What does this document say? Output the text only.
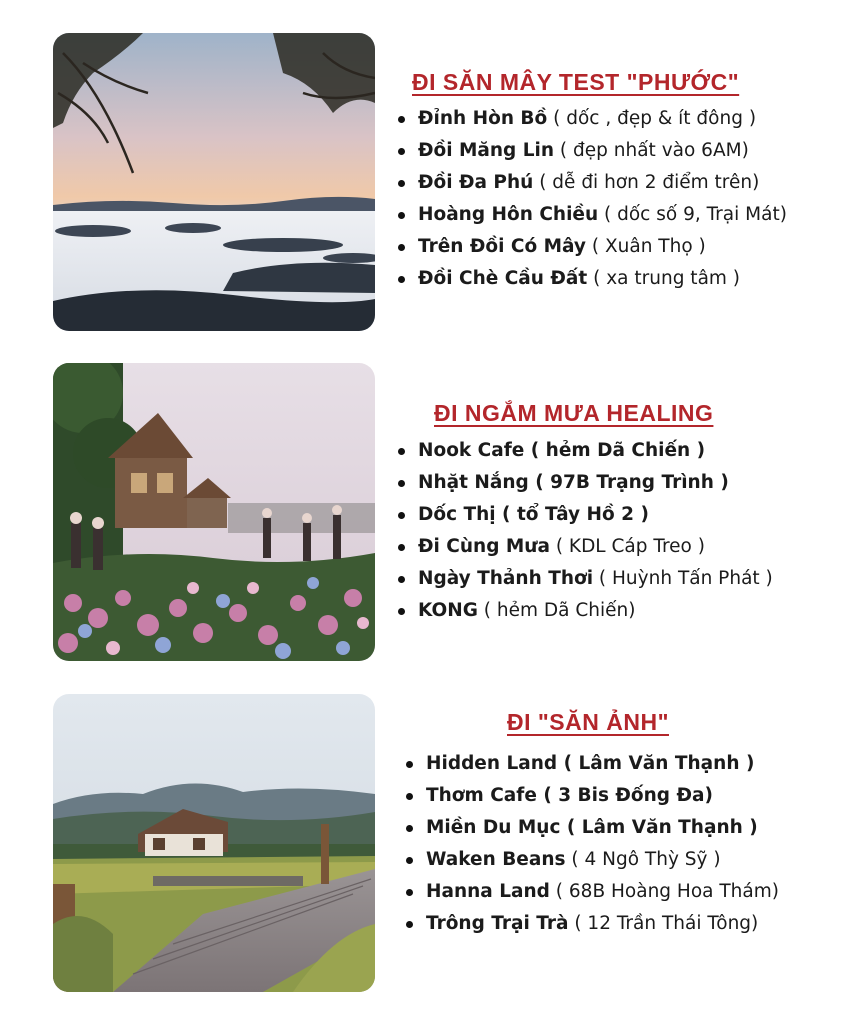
ĐI SĂN MÂY TEST "PHƯỚC"
Đỉnh Hòn Bồ ( dốc , đẹp & ít đông )
Đồi Măng Lin ( đẹp nhất vào 6AM)
Đồi Đa Phú ( dễ đi hơn 2 điểm trên)
Hoàng Hôn Chiều ( dốc số 9, Trại Mát)
Trên Đồi Có Mây ( Xuân Thọ )
Đồi Chè Cầu Đất ( xa trung tâm )
ĐI NGẮM MƯA HEALING
Nook Cafe ( hẻm Dã Chiến )
Nhặt Nắng ( 97B Trạng Trình )
Dốc Thị ( tổ Tây Hồ 2 )
Đi Cùng Mưa ( KDL Cáp Treo )
Ngày Thảnh Thơi ( Huỳnh Tấn Phát )
KONG ( hẻm Dã Chiến)
ĐI "SĂN ẢNH"
Hidden Land ( Lâm Văn Thạnh )
Thơm Cafe ( 3 Bis Đống Đa)
Miền Du Mục ( Lâm Văn Thạnh )
Waken Beans ( 4 Ngô Thỳ Sỹ )
Hanna Land ( 68B Hoàng Hoa Thám)
Trông Trại Trà ( 12 Trần Thái Tông)
